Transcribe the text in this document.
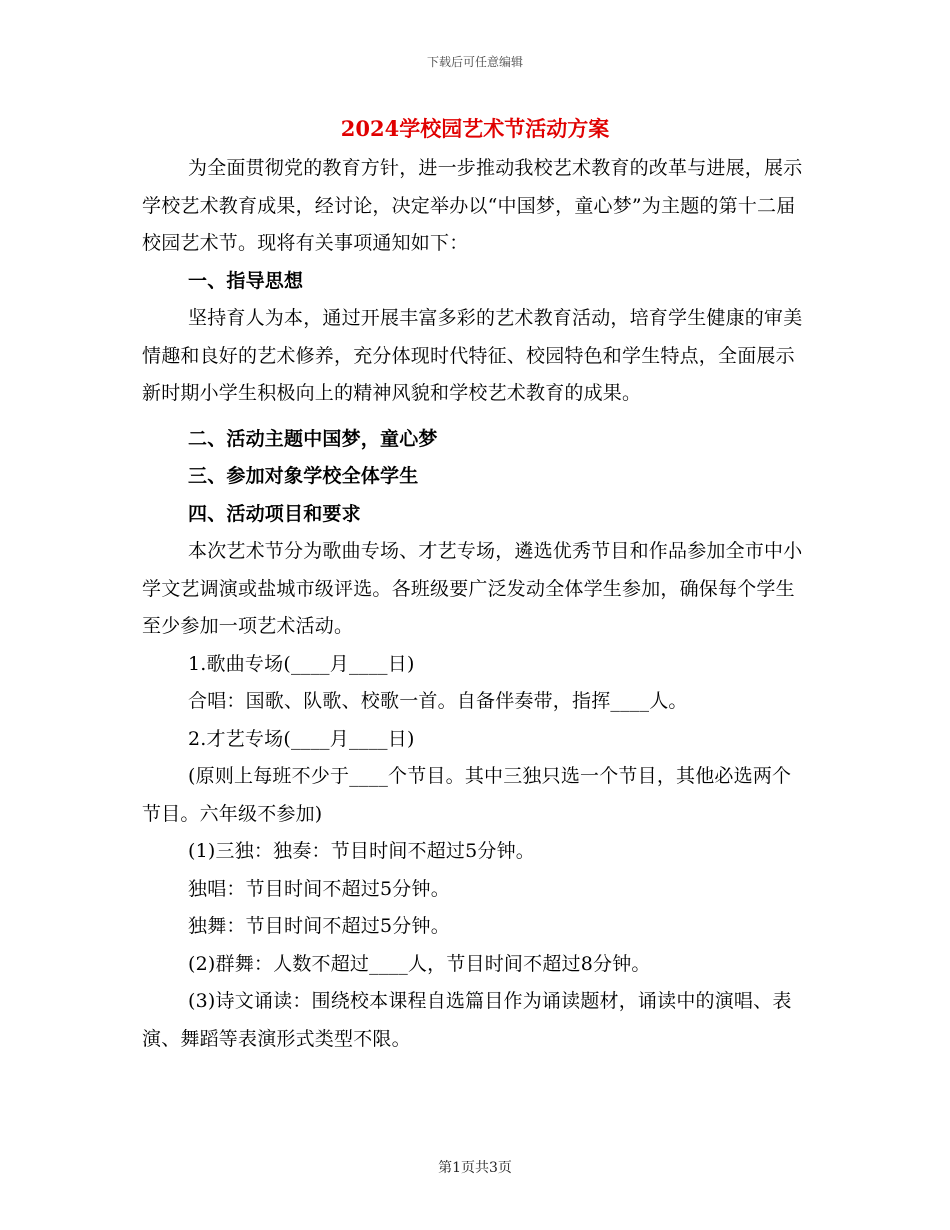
下载后可任意编辑
2024学校园艺术节活动方案

为全面贯彻党的教育方针，进一步推动我校艺术教育的改革与进展，展示学校艺术教育成果，经讨论，决定举办以“中国梦，童心梦”为主题的第十二届校园艺术节。现将有关事项通知如下：

一、指导思想

坚持育人为本，通过开展丰富多彩的艺术教育活动，培育学生健康的审美情趣和良好的艺术修养，充分体现时代特征、校园特色和学生特点，全面展示新时期小学生积极向上的精神风貌和学校艺术教育的成果。

二、活动主题中国梦，童心梦

三、参加对象学校全体学生

四、活动项目和要求

本次艺术节分为歌曲专场、才艺专场，遴选优秀节目和作品参加全市中小学文艺调演或盐城市级评选。各班级要广泛发动全体学生参加，确保每个学生至少参加一项艺术活动。

1.歌曲专场(____月____日)

合唱：国歌、队歌、校歌一首。自备伴奏带，指挥____人。

2.才艺专场(____月____日)

(原则上每班不少于____个节目。其中三独只选一个节目，其他必选两个节目。六年级不参加)

(1)三独：独奏：节目时间不超过5分钟。

独唱：节目时间不超过5分钟。

独舞：节目时间不超过5分钟。

(2)群舞：人数不超过____人，节目时间不超过8分钟。

(3)诗文诵读：围绕校本课程自选篇目作为诵读题材，诵读中的演唱、表演、舞蹈等表演形式类型不限。

第1页共3页
